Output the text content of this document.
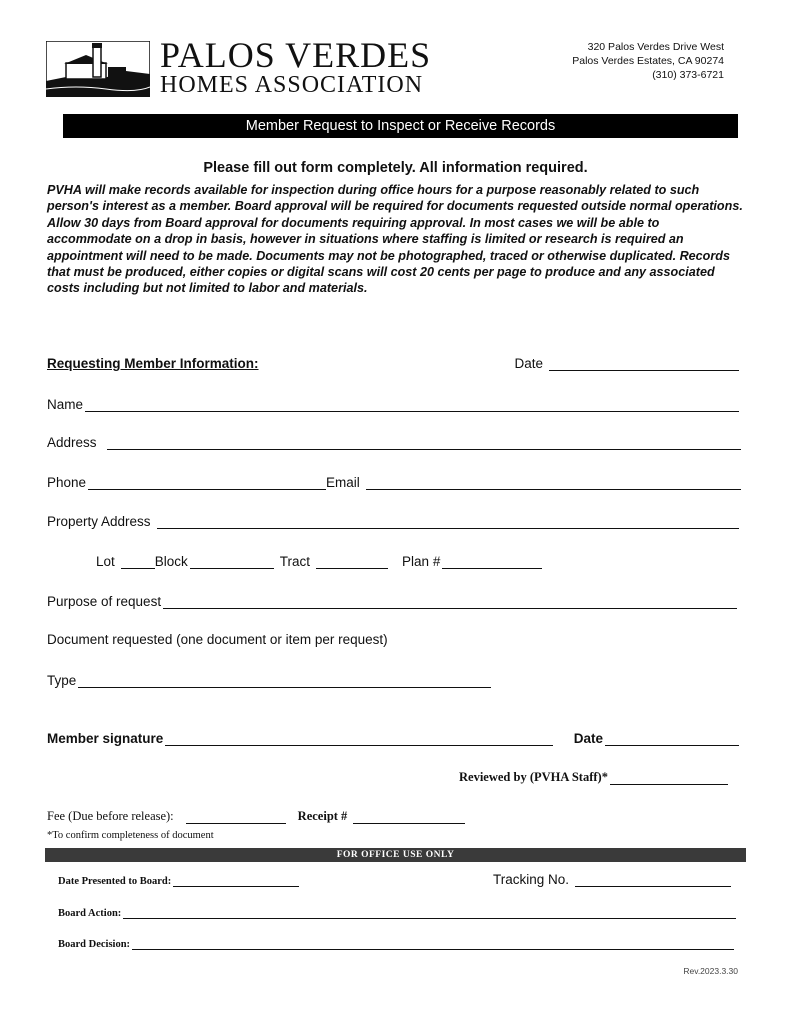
PALOS VERDES
HOMES ASSOCIATION
320 Palos Verdes Drive West
Palos Verdes Estates, CA 90274
(310) 373-6721
Member Request to Inspect or Receive Records
Please fill out form completely. All information required.
PVHA will make records available for inspection during office hours for a purpose reasonably related to such person's interest as a member. Board approval will be required for documents requested outside normal operations. Allow 30 days from Board approval for documents requiring approval. In most cases we will be able to accommodate on a drop in basis, however in situations where staffing is limited or research is required an appointment will need to be made. Documents may not be photographed, traced or otherwise duplicated. Records that must be produced, either copies or digital scans will cost 20 cents per page to produce and any associated costs including but not limited to labor and materials.
Requesting Member Information:	Date
Name
Address
Phone	Email
Property Address
Lot	Block	Tract	Plan #
Purpose of request
Document requested (one document or item per request)
Type
Member signature	Date
Reviewed by (PVHA Staff)*
Fee (Due before release):	Receipt #
*To confirm completeness of document
FOR OFFICE USE ONLY
Date Presented to Board:	Tracking No.
Board Action:
Board Decision:
Rev.2023.3.30
